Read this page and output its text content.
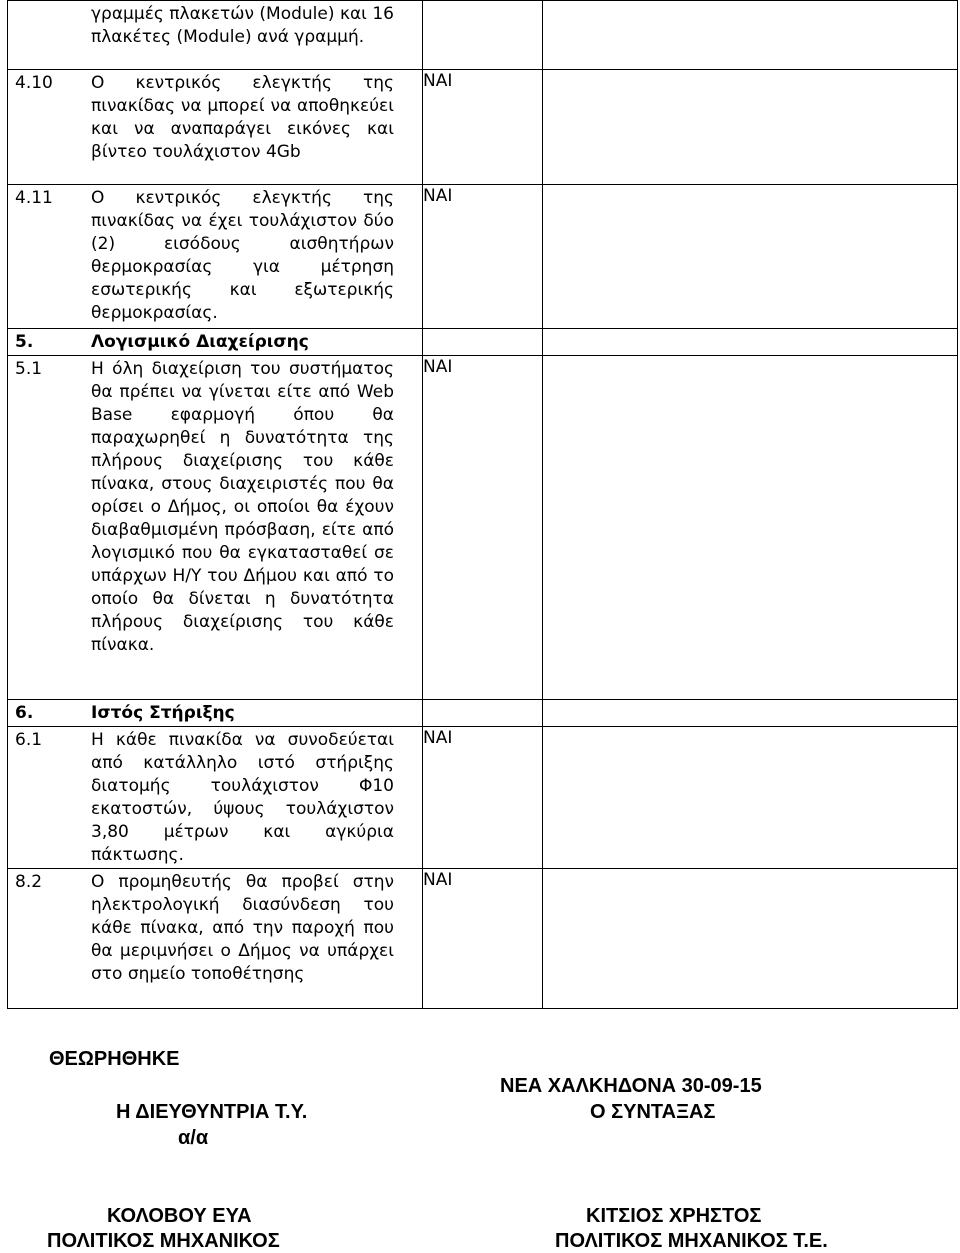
γραμμές πλακετών (Module) και 16 πλακέτες (Module) ανά γραμμή.		

4.10 Ο κεντρικός ελεγκτής της πινακίδας να μπορεί να αποθηκεύει και να αναπαράγει εικόνες και βίντεο τουλάχιστον 4Gb	ΝΑΙ	

4.11 Ο κεντρικός ελεγκτής της πινακίδας να έχει τουλάχιστον δύο (2) εισόδους αισθητήρων θερμοκρασίας για μέτρηση εσωτερικής και εξωτερικής θερμοκρασίας.	ΝΑΙ	

5. Λογισμικό Διαχείρισης		

5.1 Η όλη διαχείριση του συστήματος θα πρέπει να γίνεται είτε από Web Base εφαρμογή όπου θα παραχωρηθεί η δυνατότητα της πλήρους διαχείρισης του κάθε πίνακα, στους διαχειριστές που θα ορίσει ο Δήμος, οι οποίοι θα έχουν διαβαθμισμένη πρόσβαση, είτε από λογισμικό που θα εγκατασταθεί σε υπάρχων Η/Υ του Δήμου και από το οποίο θα δίνεται η δυνατότητα πλήρους διαχείρισης του κάθε πίνακα.	ΝΑΙ	

6. Ιστός Στήριξης		

6.1 Η κάθε πινακίδα να συνοδεύεται από κατάλληλο ιστό στήριξης διατομής τουλάχιστον Φ10 εκατοστών, ύψους τουλάχιστον 3,80 μέτρων και αγκύρια πάκτωσης.	ΝΑΙ	

8.2 Ο προμηθευτής θα προβεί στην ηλεκτρολογική διασύνδεση του κάθε πίνακα, από την παροχή που θα μεριμνήσει ο Δήμος να υπάρχει στο σημείο τοποθέτησης	ΝΑΙ	
ΘΕΩΡΗΘΗΚΕ
Η ΔΙΕΥΘΥΝΤΡΙΑ Τ.Υ.
α/α
ΝΕΑ ΧΑΛΚΗΔΟΝΑ 30-09-15
Ο ΣΥΝΤΑΞΑΣ
ΚΟΛΟΒΟΥ ΕΥΑ
ΠΟΛΙΤΙΚΟΣ ΜΗΧΑΝΙΚΟΣ
ΚΙΤΣΙΟΣ ΧΡΗΣΤΟΣ
ΠΟΛΙΤΙΚΟΣ ΜΗΧΑΝΙΚΟΣ Τ.Ε.
